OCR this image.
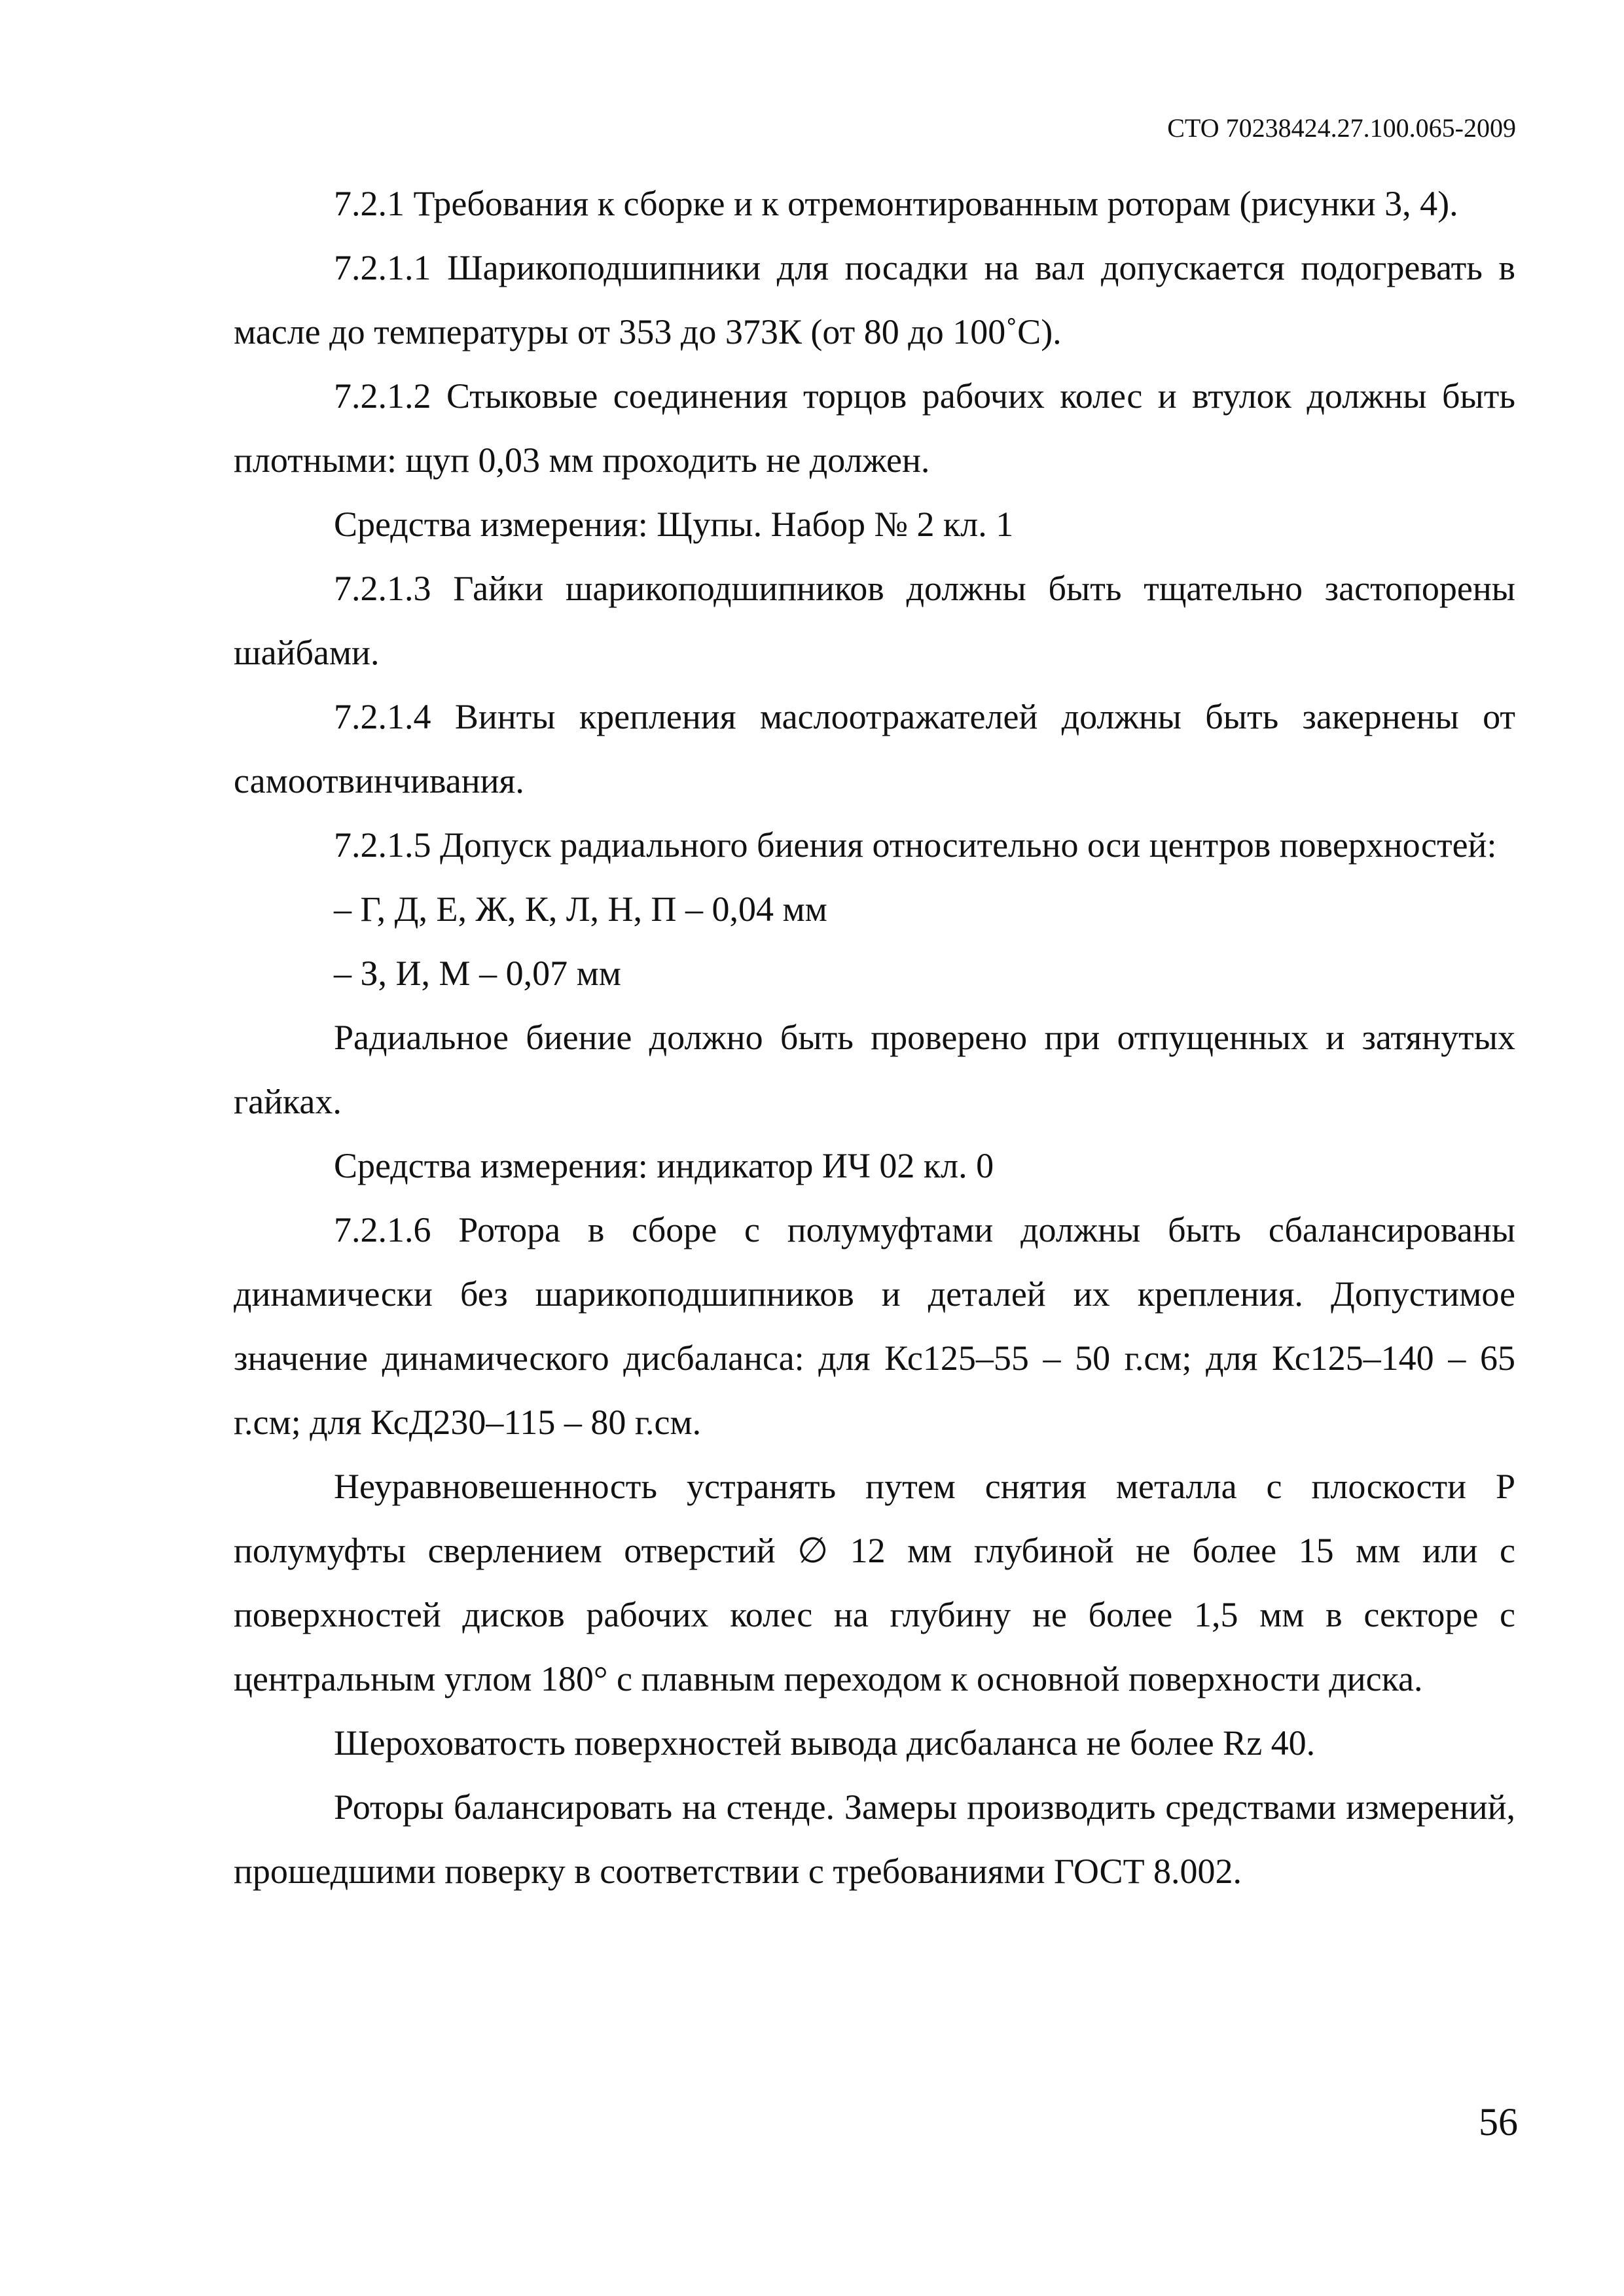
СТО 70238424.27.100.065-2009

7.2.1 Требования к сборке и к отремонтированным роторам (рисунки 3, 4).

7.2.1.1 Шарикоподшипники для посадки на вал допускается подогревать в масле до температуры от 353 до 373К (от 80 до 100˚С).

7.2.1.2 Стыковые соединения торцов рабочих колес и втулок должны быть плотными: щуп 0,03 мм проходить не должен.

Средства измерения: Щупы. Набор № 2 кл. 1

7.2.1.3 Гайки шарикоподшипников должны быть тщательно застопорены шайбами.

7.2.1.4 Винты крепления маслоотражателей должны быть закернены от самоотвинчивания.

7.2.1.5 Допуск радиального биения относительно оси центров поверхностей:

– Г, Д, Е, Ж, К, Л, Н, П – 0,04 мм

– З, И, М – 0,07 мм

Радиальное биение должно быть проверено при отпущенных и затянутых гайках.

Средства измерения: индикатор ИЧ 02 кл. 0

7.2.1.6 Ротора в сборе с полумуфтами должны быть сбалансированы динамически без шарикоподшипников и деталей их крепления. Допустимое значение динамического дисбаланса: для Кс125–55 – 50 г.см; для Кс125–140 – 65 г.см; для КсД230–115 – 80 г.см.

Неуравновешенность устранять путем снятия металла с плоскости Р полумуфты сверлением отверстий ∅ 12 мм глубиной не более 15 мм или с поверхностей дисков рабочих колес на глубину не более 1,5 мм в секторе с центральным углом 180° с плавным переходом к основной поверхности диска.

Шероховатость поверхностей вывода дисбаланса не более Rz 40.

Роторы балансировать на стенде. Замеры производить средствами измерений, прошедшими поверку в соответствии с требованиями ГОСТ 8.002.

56
